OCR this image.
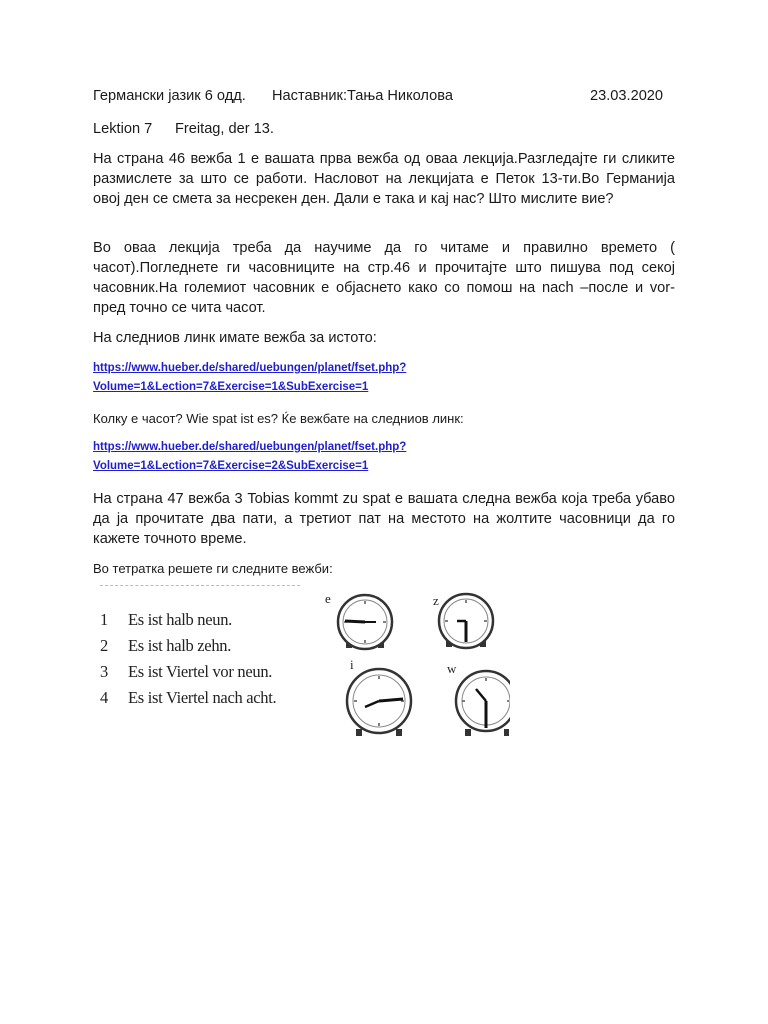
Германски јазик 6 одд. Наставник:Тања Николова	23.03.2020
Lektion 7 Freitag, der 13.
На страна 46 вежба 1 е вашата прва вежба од оваа лекција.Разгледајте ги сликите размислете за што се работи. Насловот на лекцијата е Петок 13-ти.Во Германија овој ден се смета за несрекен ден. Дали е така и кај нас? Што мислите вие?
Во оваа лекција треба да научиме да го читаме и правилно времето ( часот).Погледнете ги часовниците на стр.46 и прочитајте што пишува под секој часовник.На големиот часовник е објаснето како со помош на nach –после и vor- пред точно се чита часот.
На следниов линк имате вежба за истото:
https://www.hueber.de/shared/uebungen/planet/fset.php?
Volume=1&Lection=7&Exercise=1&SubExercise=1
Колку е часот? Wie spat ist es? Ќе вежбате на следниов линк:
https://www.hueber.de/shared/uebungen/planet/fset.php?
Volume=1&Lection=7&Exercise=2&SubExercise=1
На страна 47 вежба 3 Tobias kommt zu spat е вашата следна вежба која треба убаво да ја прочитате два пати, а третиот пат на местото на жолтите часовници да го кажете точното време.
Во тетратка решете ги следните вежби:
1 Es ist halb neun.
2 Es ist halb zehn.
3 Es ist Viertel vor neun.
4 Es ist Viertel nach acht.
e	z
i	w
